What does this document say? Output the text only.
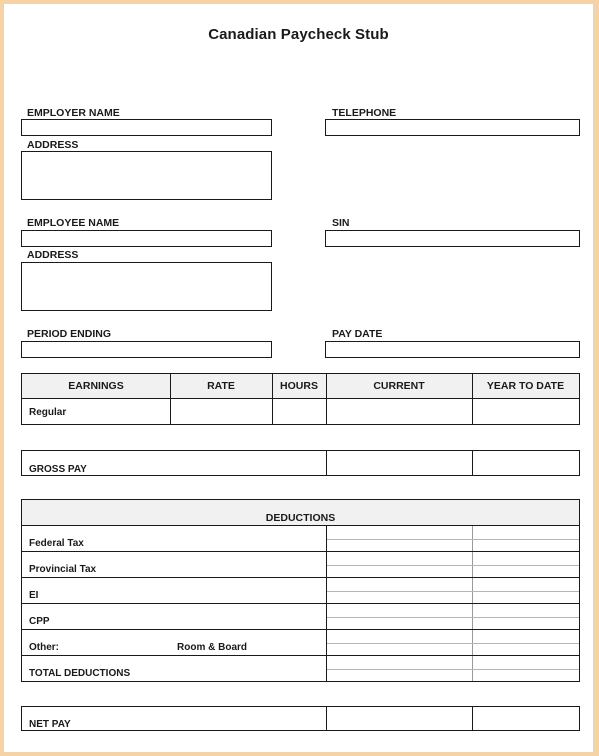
Canadian Paycheck Stub
EMPLOYER NAME	TELEPHONE
ADDRESS
EMPLOYEE NAME	SIN
ADDRESS
PERIOD ENDING	PAY DATE
EARNINGS	RATE	HOURS	CURRENT	YEAR TO DATE
Regular
GROSS PAY
DEDUCTIONS
Federal Tax
Provincial Tax
EI
CPP
Other:	Room & Board
TOTAL DEDUCTIONS
NET PAY
